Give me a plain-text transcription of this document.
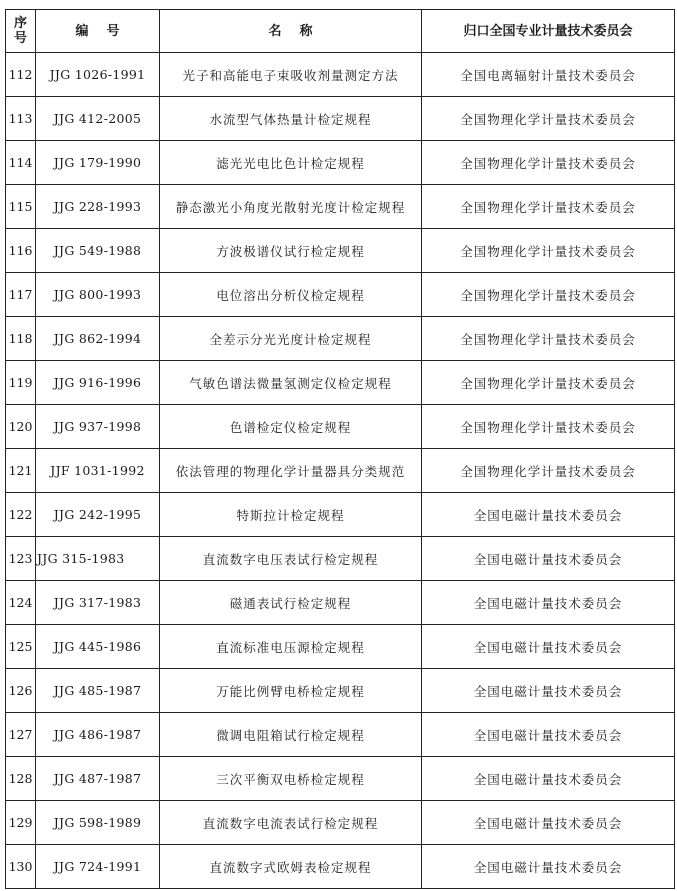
序
号	编    号	名    称	归口全国专业计量技术委员会
112	JJG 1026-1991	光子和高能电子束吸收剂量测定方法	全国电离辐射计量技术委员会
113	JJG 412-2005	水流型气体热量计检定规程	全国物理化学计量技术委员会
114	JJG 179-1990	滤光光电比色计检定规程	全国物理化学计量技术委员会
115	JJG 228-1993	静态激光小角度光散射光度计检定规程	全国物理化学计量技术委员会
116	JJG 549-1988	方波极谱仪试行检定规程	全国物理化学计量技术委员会
117	JJG 800-1993	电位溶出分析仪检定规程	全国物理化学计量技术委员会
118	JJG 862-1994	全差示分光光度计检定规程	全国物理化学计量技术委员会
119	JJG 916-1996	气敏色谱法微量氢测定仪检定规程	全国物理化学计量技术委员会
120	JJG 937-1998	色谱检定仪检定规程	全国物理化学计量技术委员会
121	JJF 1031-1992	依法管理的物理化学计量器具分类规范	全国物理化学计量技术委员会
122	JJG 242-1995	特斯拉计检定规程	全国电磁计量技术委员会
123	JJG 315-1983	直流数字电压表试行检定规程	全国电磁计量技术委员会
124	JJG 317-1983	磁通表试行检定规程	全国电磁计量技术委员会
125	JJG 445-1986	直流标准电压源检定规程	全国电磁计量技术委员会
126	JJG 485-1987	万能比例臂电桥检定规程	全国电磁计量技术委员会
127	JJG 486-1987	微调电阻箱试行检定规程	全国电磁计量技术委员会
128	JJG 487-1987	三次平衡双电桥检定规程	全国电磁计量技术委员会
129	JJG 598-1989	直流数字电流表试行检定规程	全国电磁计量技术委员会
130	JJG 724-1991	直流数字式欧姆表检定规程	全国电磁计量技术委员会
